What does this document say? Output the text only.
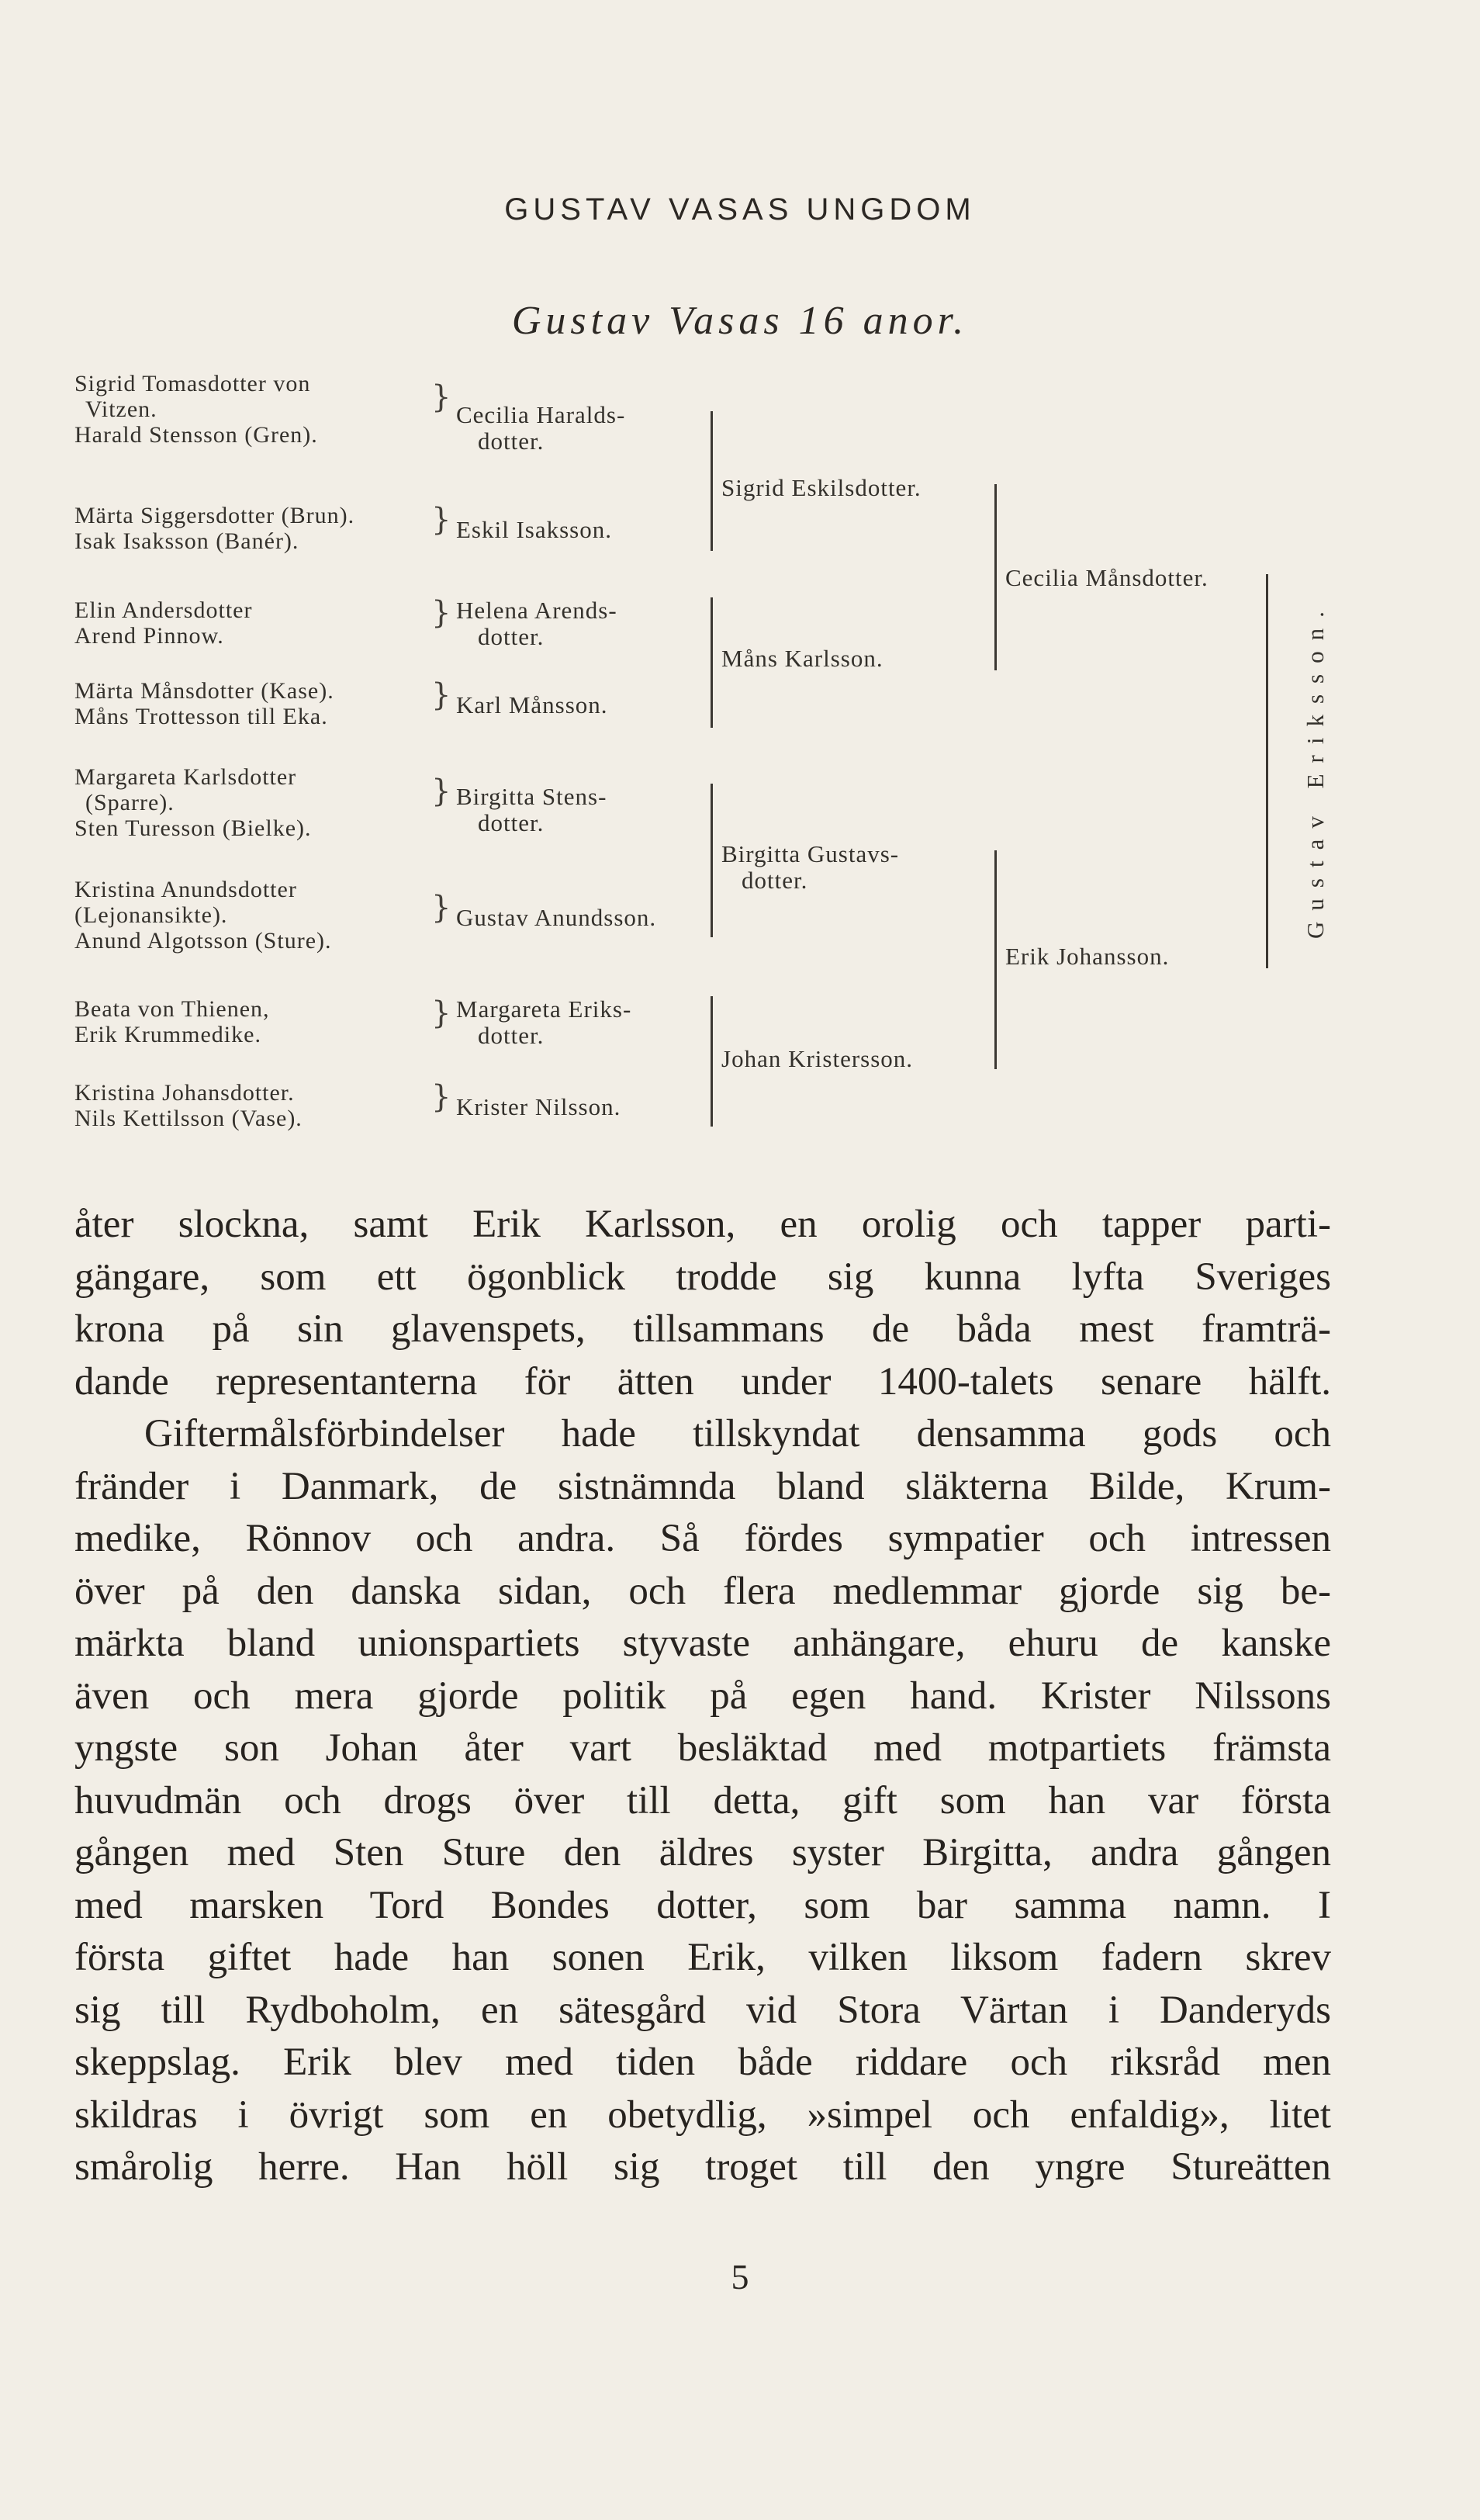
GUSTAV VASAS UNGDOM
Gustav Vasas 16 anor.
Sigrid Tomasdotter von
Vitzen.
Harald Stensson (Gren).
Märta Siggersdotter (Brun).
Isak Isaksson (Banér).
Elin Andersdotter
Arend Pinnow.
Märta Månsdotter (Kase).
Måns Trottesson till Eka.
Margareta Karlsdotter
(Sparre).
Sten Turesson (Bielke).
Kristina Anundsdotter
(Lejonansikte).
Anund Algotsson (Sture).
Beata von Thienen,
Erik Krummedike.
Kristina Johansdotter.
Nils Kettilsson (Vase).
}
}
}
}
}
}
}
}
Cecilia Haralds-
dotter.
Eskil Isaksson.
Helena Arends-
dotter.
Karl Månsson.
Birgitta Stens-
dotter.
Gustav Anundsson.
Margareta Eriks-
dotter.
Krister Nilsson.
Sigrid Eskilsdotter.
Måns Karlsson.
Birgitta Gustavs-
dotter.
Johan Kristersson.
Cecilia Månsdotter.
Erik Johansson.
Gustav Eriksson.
åter slockna, samt Erik Karlsson, en orolig och tapper parti-
gängare, som ett ögonblick trodde sig kunna lyfta Sveriges
krona på sin glavenspets, tillsammans de båda mest framträ-
dande representanterna för ätten under 1400-talets senare hälft.
Giftermålsförbindelser hade tillskyndat densamma gods och
fränder i Danmark, de sistnämnda bland släkterna Bilde, Krum-
medike, Rönnov och andra. Så fördes sympatier och intressen
över på den danska sidan, och flera medlemmar gjorde sig be-
märkta bland unionspartiets styvaste anhängare, ehuru de kanske
även och mera gjorde politik på egen hand. Krister Nilssons
yngste son Johan åter vart besläktad med motpartiets främsta
huvudmän och drogs över till detta, gift som han var första
gången med Sten Sture den äldres syster Birgitta, andra gången
med marsken Tord Bondes dotter, som bar samma namn. I
första giftet hade han sonen Erik, vilken liksom fadern skrev
sig till Rydboholm, en sätesgård vid Stora Värtan i Danderyds
skeppslag. Erik blev med tiden både riddare och riksråd men
skildras i övrigt som en obetydlig, »simpel och enfaldig», litet
smårolig herre. Han höll sig troget till den yngre Stureätten
5
